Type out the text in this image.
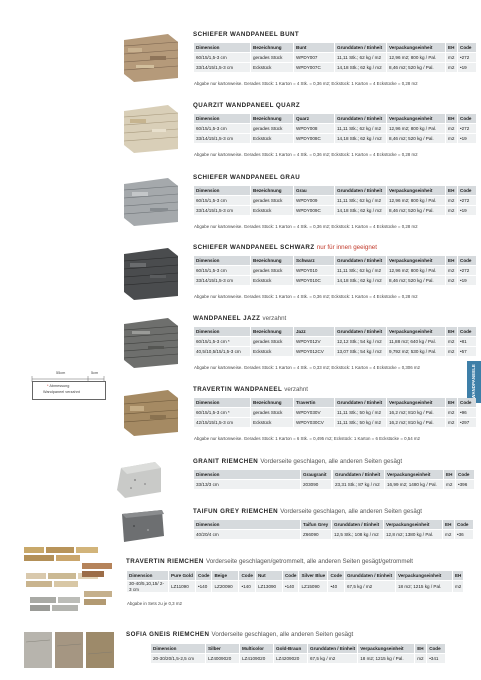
WANDPANEELE
55cm	5cm
* Abmessung
Wandpaneel verzahnt
SCHIEFER WANDPANEEL BUNT
Dimension	Bezeichnung	Bunt	Grunddaten / Einheit	Verpackungseinheit	EH	Code
60/15/1,5-3 cm	gerades Stück	WPDY007	11,11 Stk.; 62 kg / m2	12,96 m2; 800 kg / Pal.	m2	•272
33/14/15/1,5-3 cm	Eckstück	WPDY007C	14,18 Stk.; 62 kg / m2	8,46 m2; 520 kg / Pal.	m2	•19
Abgabe nur kartonweise. Gerades Stück: 1 Karton = 4 Stk. = 0,36 m2; Eckstück: 1 Karton = 4 Eckstücke = 0,28 m2
QUARZIT WANDPANEEL QUARZ
Dimension	Bezeichnung	Quarz	Grunddaten / Einheit	Verpackungseinheit	EH	Code
60/15/1,5-3 cm	gerades Stück	WPDY008	11,11 Stk.; 62 kg / m2	12,96 m2; 800 kg / Pal.	m2	•272
33/14/15/1,5-3 cm	Eckstück	WPDY008C	14,18 Stk.; 62 kg / m2	8,46 m2; 520 kg / Pal.	m2	•19
Abgabe nur kartonweise. Gerades Stück: 1 Karton = 4 Stk. = 0,36 m2; Eckstück: 1 Karton = 4 Eckstücke = 0,28 m2
SCHIEFER WANDPANEEL GRAU
Dimension	Bezeichnung	Grau	Grunddaten / Einheit	Verpackungseinheit	EH	Code
60/15/1,5-3 cm	gerades Stück	WPDY009	11,11 Stk.; 62 kg / m2	12,96 m2; 800 kg / Pal.	m2	•272
33/14/15/1,5-3 cm	Eckstück	WPDY009C	14,18 Stk.; 62 kg / m2	8,46 m2; 520 kg / Pal.	m2	•19
Abgabe nur kartonweise. Gerades Stück: 1 Karton = 4 Stk. = 0,36 m2; Eckstück: 1 Karton = 4 Eckstücke = 0,28 m2
SCHIEFER WANDPANEEL SCHWARZ nur für innen geeignet
Dimension	Bezeichnung	Schwarz	Grunddaten / Einheit	Verpackungseinheit	EH	Code
60/15/1,5-3 cm	gerades Stück	WPDY010	11,11 Stk.; 62 kg / m2	12,96 m2; 800 kg / Pal.	m2	•272
33/14/15/1,5-3 cm	Eckstück	WPDY010C	14,18 Stk.; 62 kg / m2	8,46 m2; 520 kg / Pal.	m2	•19
Abgabe nur kartonweise. Gerades Stück: 1 Karton = 4 Stk. = 0,36 m2; Eckstück: 1 Karton = 4 Eckstücke = 0,28 m2
WANDPANEEL JAZZ verzahnt
Dimension	Bezeichnung	Jazz	Grunddaten / Einheit	Verpackungseinheit	EH	Code
60/15/1,5-3 cm *	gerades Stück	WPDY012V	12,12 Stk.; 54 kg / m2	11,88 m2; 640 kg / Pal.	m2	•81
40,5/10,5/15/1,5-3 cm	Eckstück	WPDY012CV	13,07 Stk.; 54 kg / m2	9,792 m2; 530 kg / Pal.	m2	•57
Abgabe nur kartonweise. Gerades Stück: 1 Karton = 4 Stk. = 0,33 m2; Eckstück: 1 Karton = 4 Eckstücke = 0,306 m2
TRAVERTIN WANDPANEEL verzahnt
Dimension	Bezeichnung	Travertin	Grunddaten / Einheit	Verpackungseinheit	EH	Code
60/15/1,5-3 cm *	gerades Stück	WPDY030V	11,11 Stk.; 50 kg / m2	16,2 m2; 810 kg / Pal.	m2	•96
42/15/15/1,5-3 cm	Eckstück	WPDY030CV	11,11 Stk.; 50 kg / m2	16,2 m2; 810 kg / Pal.	m2	•297
Abgabe nur kartonweise. Gerades Stück: 1 Karton = 6 Stk. = 0,495 m2; Eckstück: 1 Karton = 6 Eckstücke = 0,54 m2
GRANIT RIEMCHEN Vorderseite geschlagen, alle anderen Seiten gesägt
Dimension	Graugranit		Grunddaten / Einheit	Verpackungseinheit	EH	Code
33/13/3 cm	203090		23,31 Stk.; 87 kg / m2	16,99 m2; 1480 kg / Pal.	m2	•396
TAIFUN GREY RIEMCHEN Vorderseite geschlagen, alle anderen Seiten gesägt
Dimension	Taifun Grey	Grunddaten / Einheit	Verpackungseinheit	EH	Code
40/20/4 cm	Z66090	12,5 Stk.; 108 kg / m2	12,8 m2; 1380 kg / Pal.	m2	•36
TRAVERTIN RIEMCHEN Vorderseite geschlagen/getrommelt, alle anderen Seiten gesägt/getrommelt
Dimension	Pure Gold	Code	Beige	Code	Nut	Code	Silver Blue	Code	Grunddaten / Einheit	Verpackungseinheit	EH
30-40/5,10,15/ 2-3 cm	LZ11090	•140	LZ20090	•140	LZ13090	•140	LZ15090	•40	67,5 kg / m2	18 m2; 1215 kg / Pal.	m2
Abgabe in Sets zu je 0,3 m2
SOFIA GNEIS RIEMCHEN Vorderseite geschlagen, alle anderen Seiten gesägt
Dimension	Silber	Multicolor	Gold-Braun	Grunddaten / Einheit	Verpackungseinheit	EH	Code
20-30/20/1,5-2,5 cm	LZ4009020	LZ4109020	LZ4209020	67,5 kg / m2	18 m2; 1215 kg / Pal.	m2	•341
